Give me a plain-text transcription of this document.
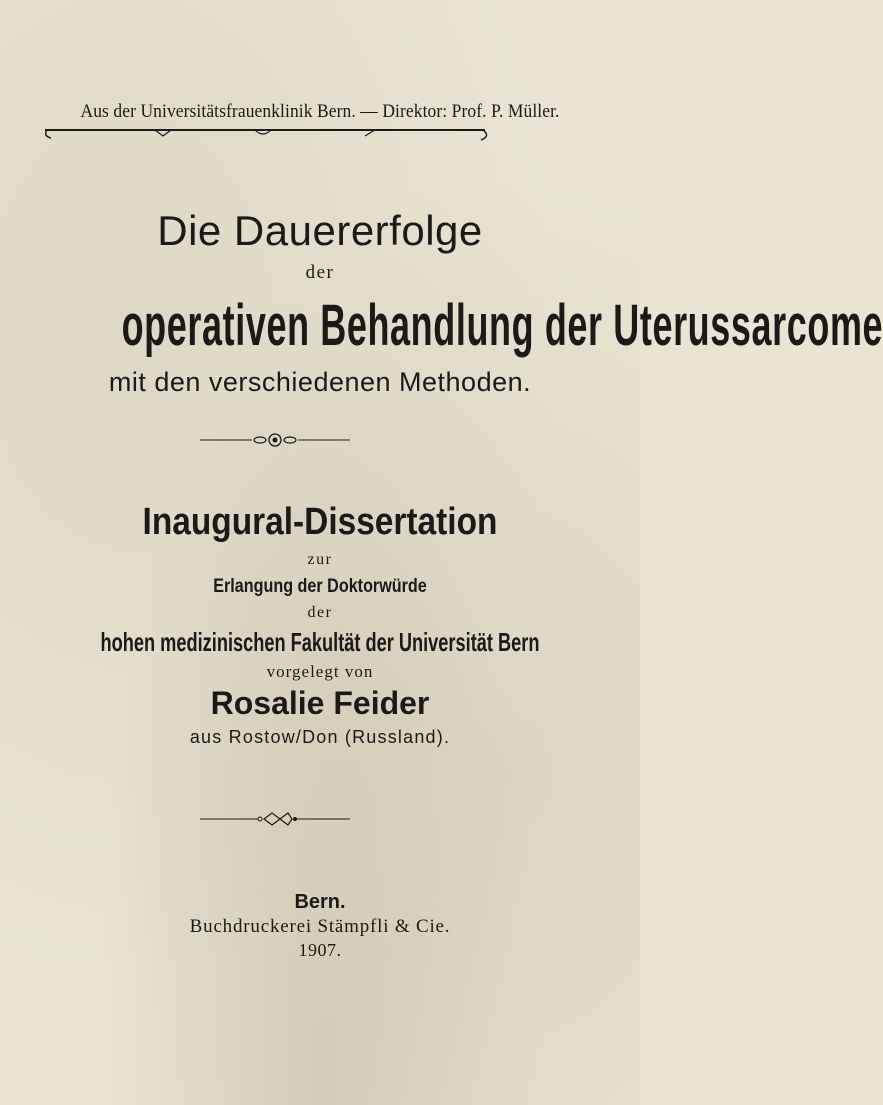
Aus der Universitätsfrauenklinik Bern. — Direktor: Prof. P. Müller.
Die Dauererfolge
der
operativen Behandlung der Uterussarcome
mit den verschiedenen Methoden.
Inaugural-Dissertation
zur
Erlangung der Doktorwürde
der
hohen medizinischen Fakultät der Universität Bern
vorgelegt von
Rosalie Feider
aus Rostow/Don (Russland).
Bern.
Buchdruckerei Stämpfli & Cie.
1907.
